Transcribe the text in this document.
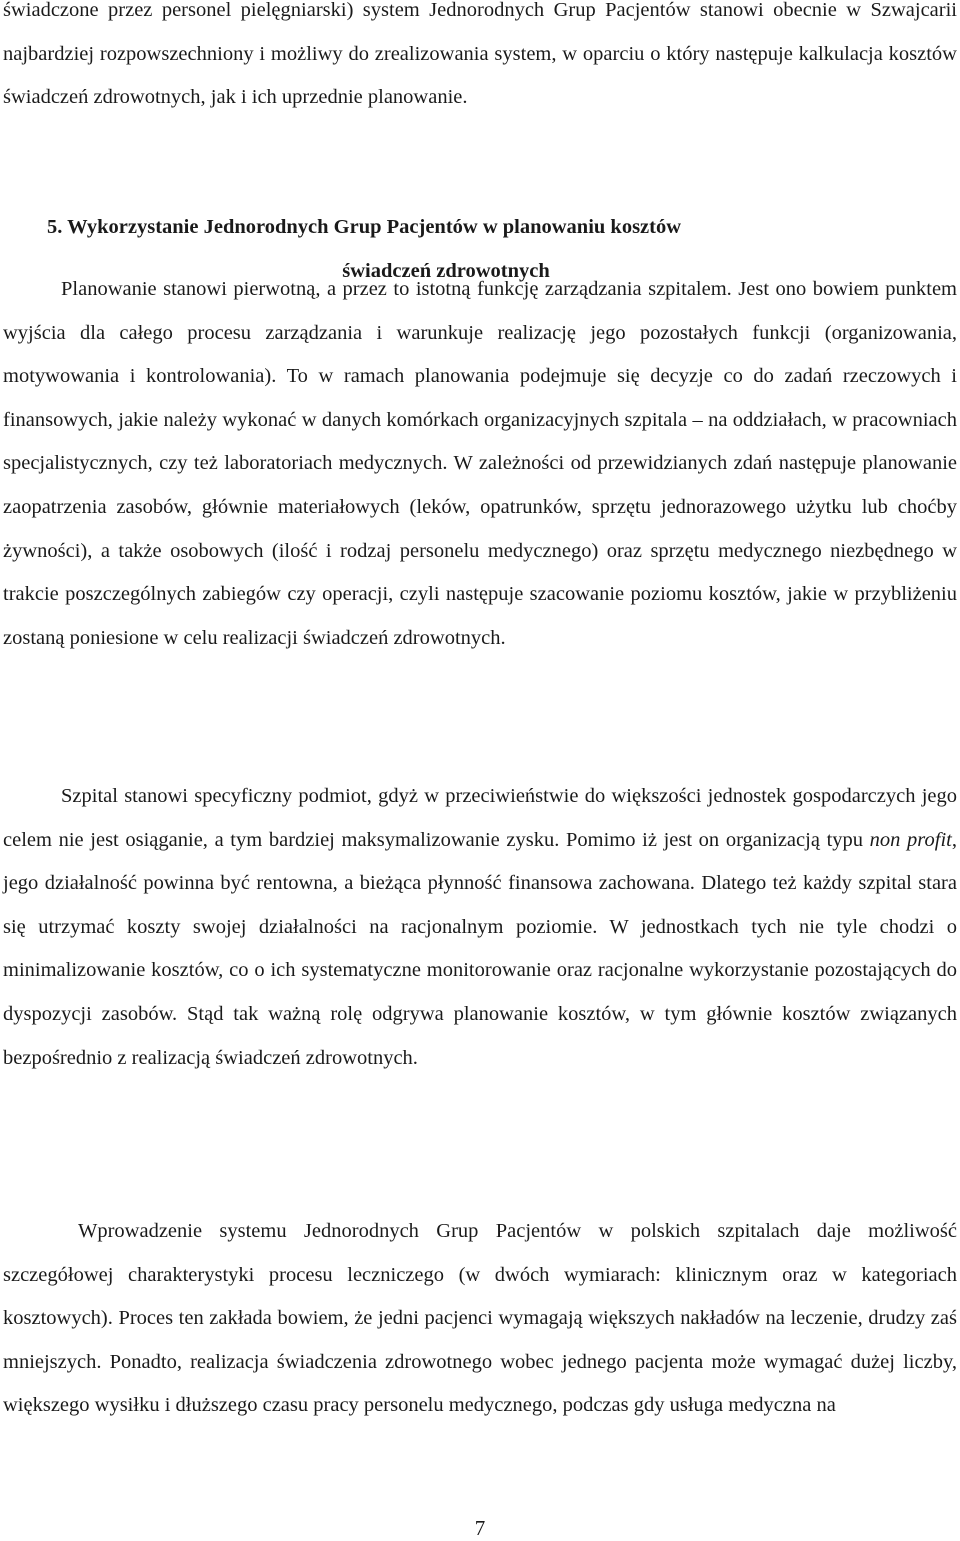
świadczone przez personel pielęgniarski) system Jednorodnych Grup Pacjentów stanowi obecnie w Szwajcarii najbardziej rozpowszechniony i możliwy do zrealizowania system, w oparciu o który następuje kalkulacja kosztów świadczeń zdrowotnych, jak i ich uprzednie planowanie.

5. Wykorzystanie Jednorodnych Grup Pacjentów w planowaniu kosztów
świadczeń zdrowotnych

Planowanie stanowi pierwotną, a przez to istotną funkcję zarządzania szpitalem. Jest ono bowiem punktem wyjścia dla całego procesu zarządzania i warunkuje realizację jego pozostałych funkcji (organizowania, motywowania i kontrolowania). To w ramach planowania podejmuje się decyzje co do zadań rzeczowych i finansowych, jakie należy wykonać w danych komórkach organizacyjnych szpitala – na oddziałach, w pracowniach specjalistycznych, czy też laboratoriach medycznych. W zależności od przewidzianych zdań następuje planowanie zaopatrzenia zasobów, głównie materiałowych (leków, opatrunków, sprzętu jednorazowego użytku lub choćby żywności), a także osobowych (ilość i rodzaj personelu medycznego) oraz sprzętu medycznego niezbędnego w trakcie poszczególnych zabiegów czy operacji, czyli następuje szacowanie poziomu kosztów, jakie w przybliżeniu zostaną poniesione w celu realizacji świadczeń zdrowotnych.

Szpital stanowi specyficzny podmiot, gdyż w przeciwieństwie do większości jednostek gospodarczych jego celem nie jest osiąganie, a tym bardziej maksymalizowanie zysku. Pomimo iż jest on organizacją typu non profit, jego działalność powinna być rentowna, a bieżąca płynność finansowa zachowana. Dlatego też każdy szpital stara się utrzymać koszty swojej działalności na racjonalnym poziomie. W jednostkach tych nie tyle chodzi o minimalizowanie kosztów, co o ich systematyczne monitorowanie oraz racjonalne wykorzystanie pozostających do dyspozycji zasobów. Stąd tak ważną rolę odgrywa planowanie kosztów, w tym głównie kosztów związanych bezpośrednio z realizacją świadczeń zdrowotnych.

Wprowadzenie systemu Jednorodnych Grup Pacjentów w polskich szpitalach daje możliwość szczegółowej charakterystyki procesu leczniczego (w dwóch wymiarach: klinicznym oraz w kategoriach kosztowych). Proces ten zakłada bowiem, że jedni pacjenci wymagają większych nakładów na leczenie, drudzy zaś mniejszych. Ponadto, realizacja świadczenia zdrowotnego wobec jednego pacjenta może wymagać dużej liczby, większego wysiłku i dłuższego czasu pracy personelu medycznego, podczas gdy usługa medyczna na

7
